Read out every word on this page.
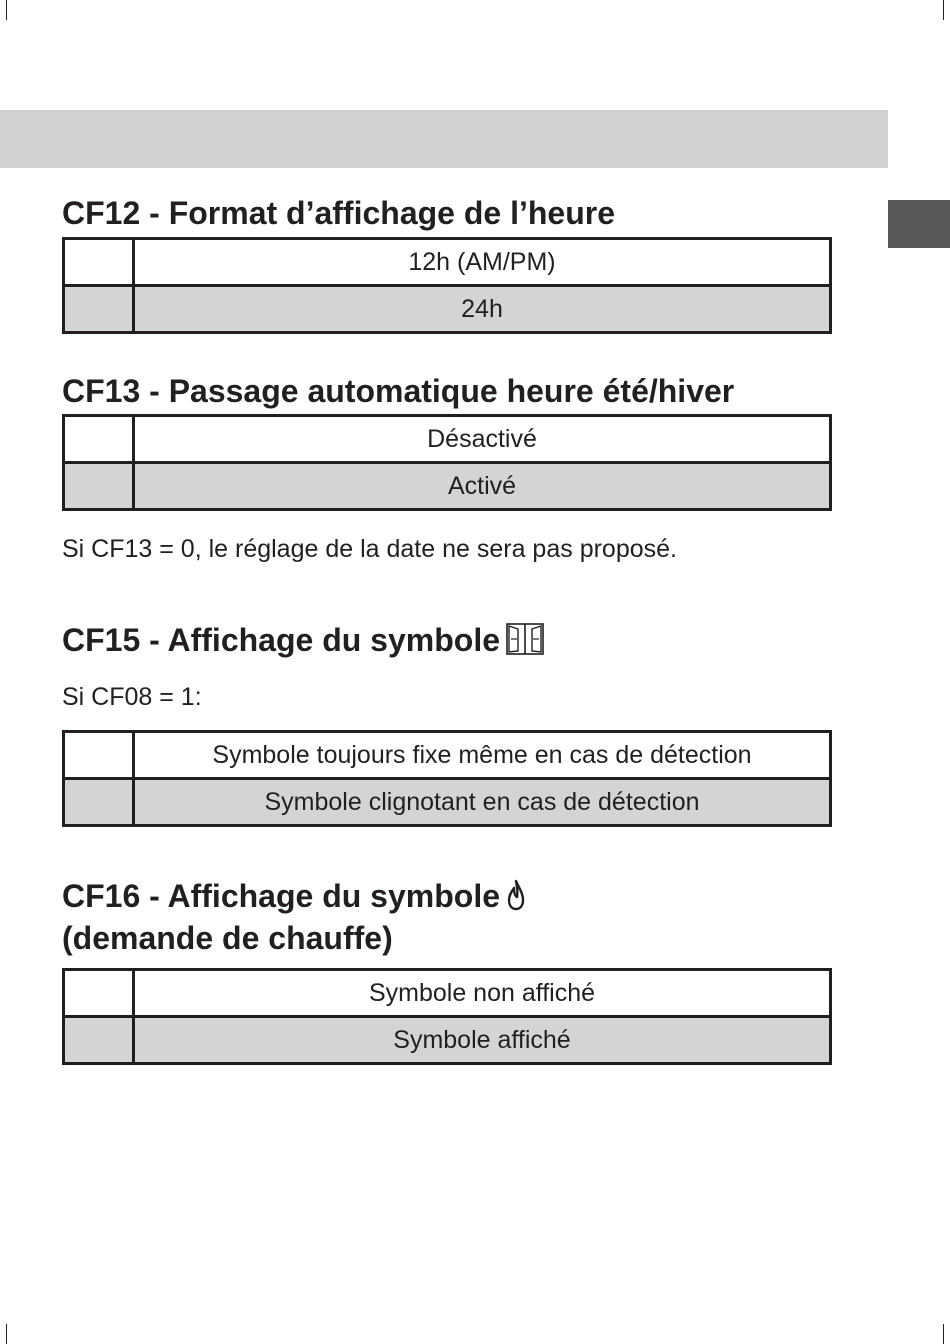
CF12 - Format d’affichage de l’heure
	12h (AM/PM)
	24h
CF13 - Passage automatique heure été/hiver
	Désactivé
	Activé

Si CF13 = 0, le réglage de la date ne sera pas proposé.

CF15 - Affichage du symbole

Si CF08 = 1:

	Symbole toujours fixe même en cas de détection
	Symbole clignotant en cas de détection
CF16 - Affichage du symbole
(demande de chauffe)
	Symbole non affiché
	Symbole affiché
